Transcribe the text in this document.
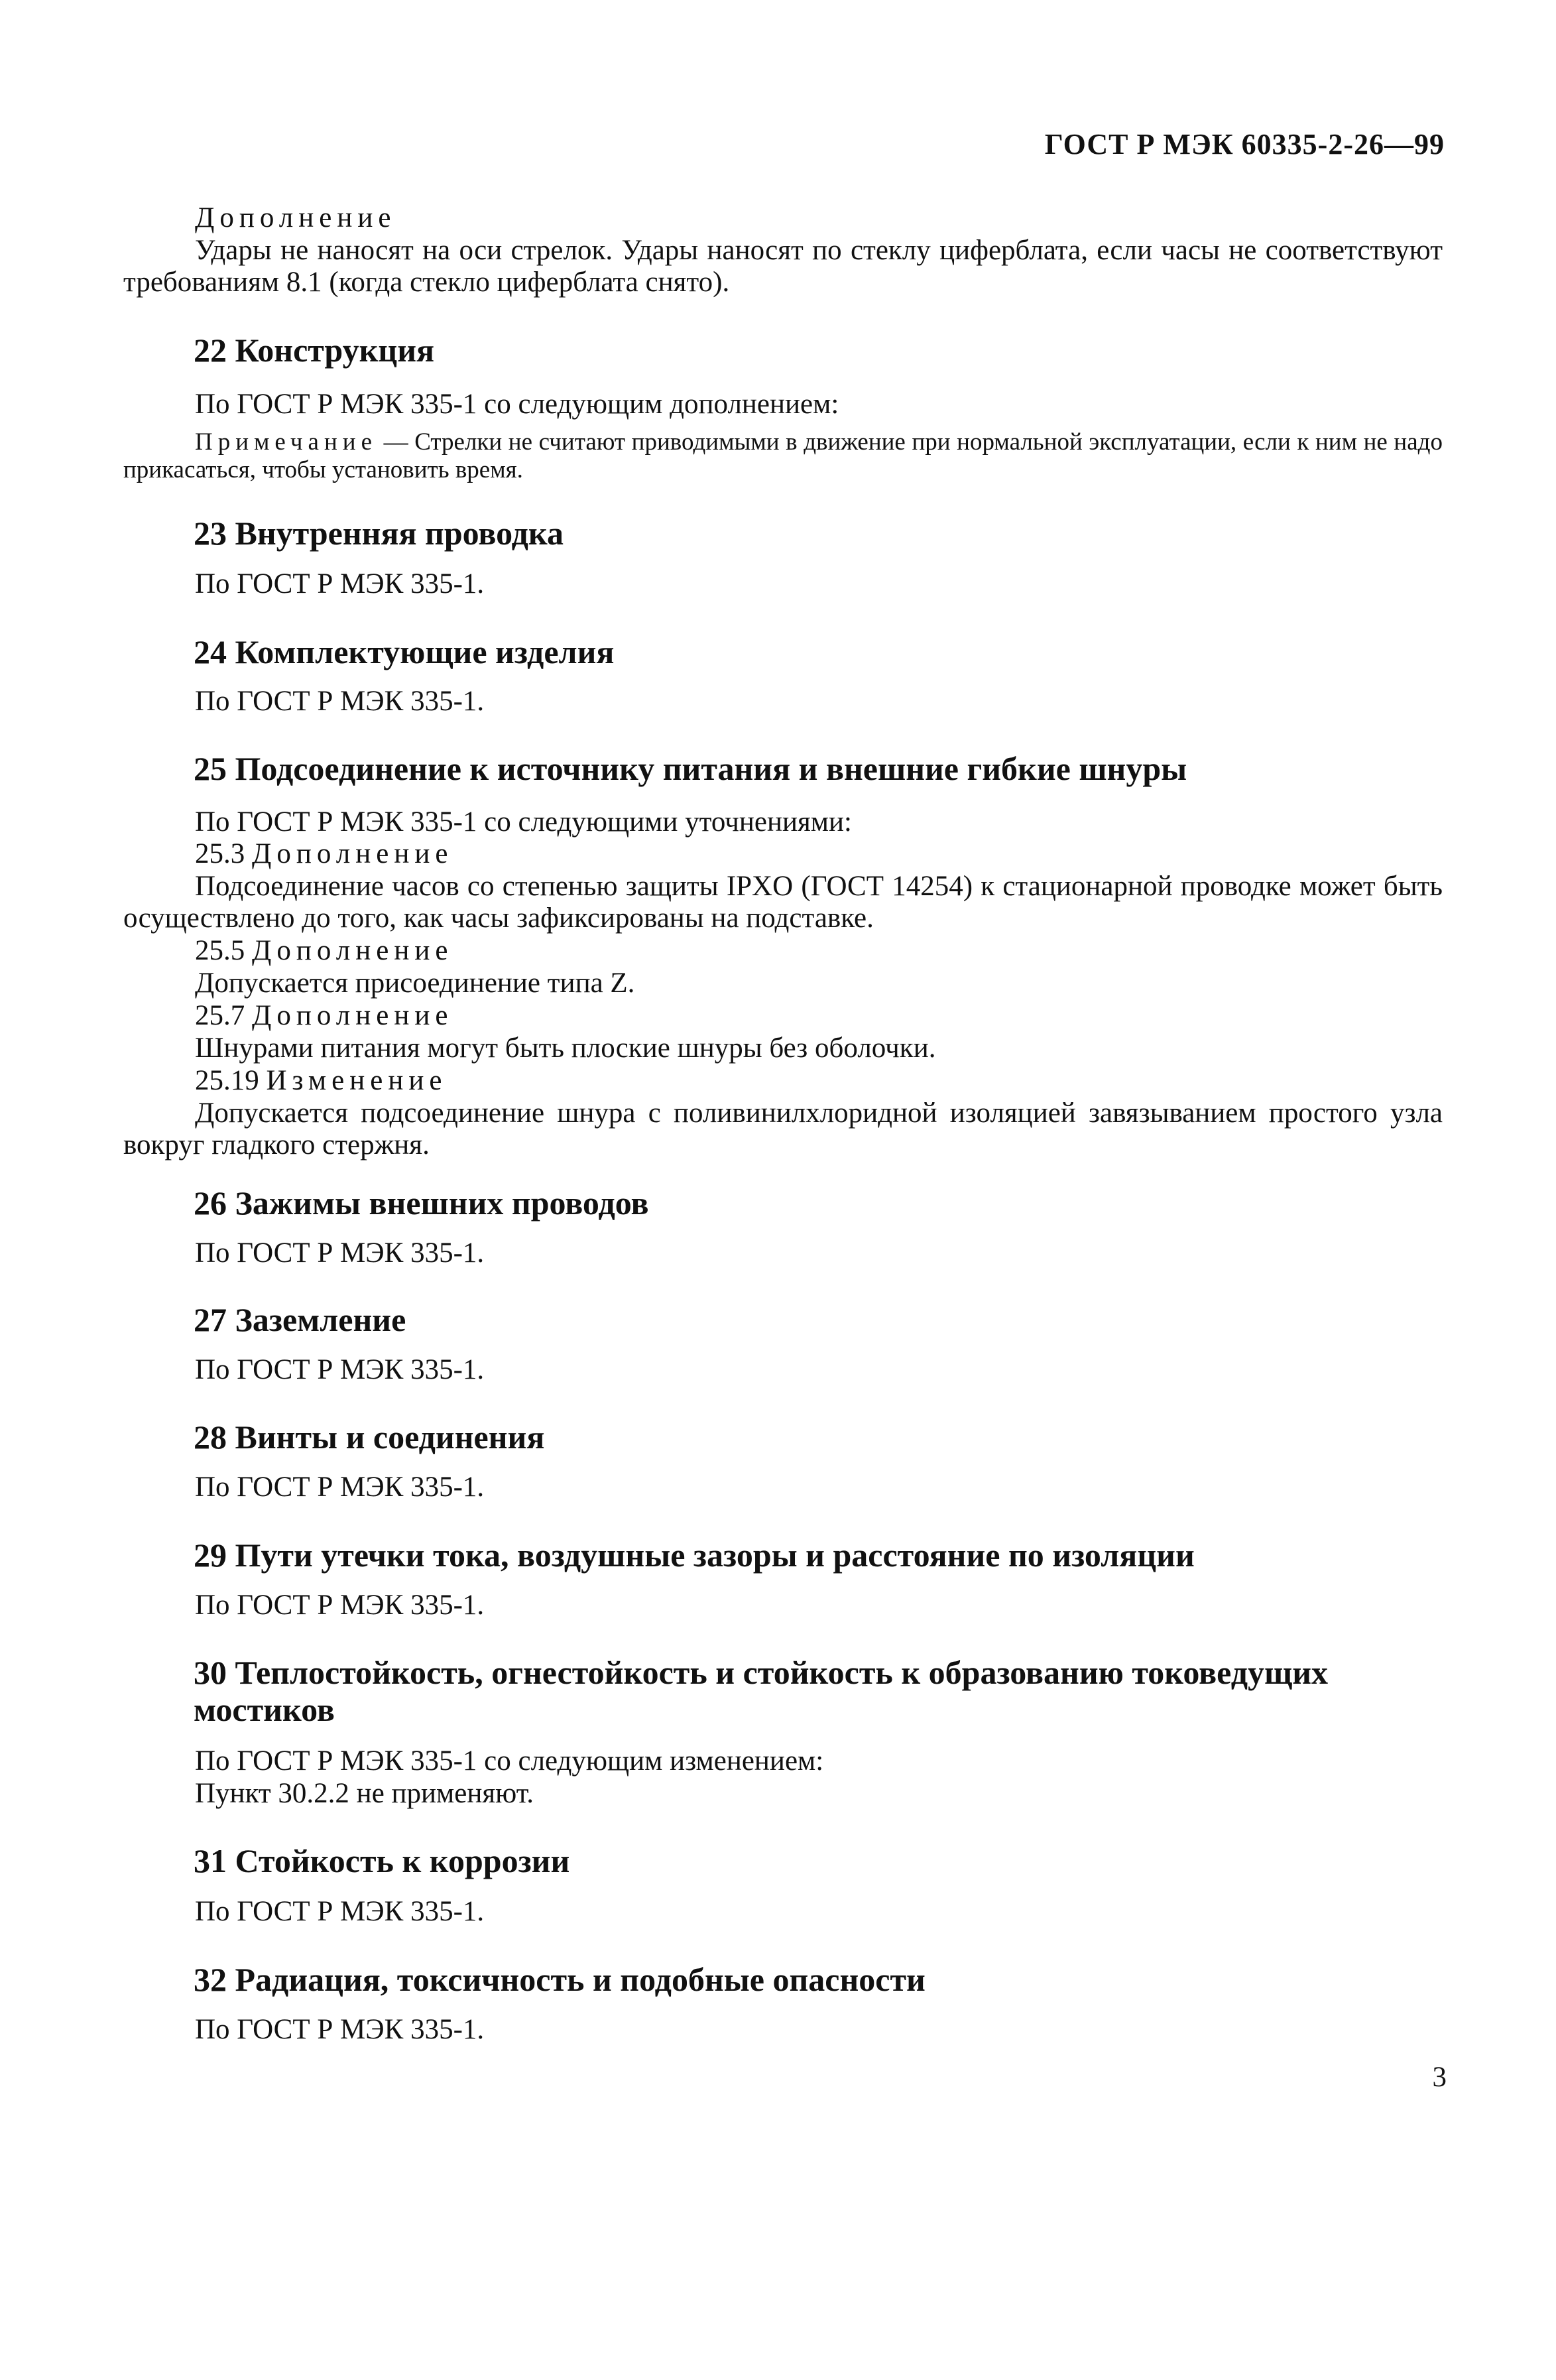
ГОСТ Р МЭК 60335-2-26—99
Дополнение

Удары не наносят на оси стрелок. Удары наносят по стеклу циферблата, если часы не соответствуют требованиям 8.1 (когда стекло циферблата снято).

22 Конструкция
По ГОСТ Р МЭК 335-1 со следующим дополнением:
Примечание — Стрелки не считают приводимыми в движение при нормальной эксплуатации, если к ним не надо прикасаться, чтобы установить время.
23 Внутренняя проводка
По ГОСТ Р МЭК 335-1.
24 Комплектующие изделия
По ГОСТ Р МЭК 335-1.
25 Подсоединение к источнику питания и внешние гибкие шнуры
По ГОСТ Р МЭК 335-1 со следующими уточнениями:
25.3 Дополнение

Подсоединение часов со степенью защиты IPXO (ГОСТ 14254) к стационарной проводке может быть осуществлено до того, как часы зафиксированы на подставке.

25.5 Дополнение
Допускается присоединение типа Z.
25.7 Дополнение
Шнурами питания могут быть плоские шнуры без оболочки.
25.19 Изменение

Допускается подсоединение шнура с поливинилхлоридной изоляцией завязыванием простого узла вокруг гладкого стержня.

26 Зажимы внешних проводов
По ГОСТ Р МЭК 335-1.
27 Заземление
По ГОСТ Р МЭК 335-1.
28 Винты и соединения
По ГОСТ Р МЭК 335-1.
29 Пути утечки тока, воздушные зазоры и расстояние по изоляции
По ГОСТ Р МЭК 335-1.
30 Теплостойкость, огнестойкость и стойкость к образованию токоведущих мостиков
По ГОСТ Р МЭК 335-1 со следующим изменением:
Пункт 30.2.2 не применяют.
31 Стойкость к коррозии
По ГОСТ Р МЭК 335-1.
32 Радиация, токсичность и подобные опасности
По ГОСТ Р МЭК 335-1.
3
